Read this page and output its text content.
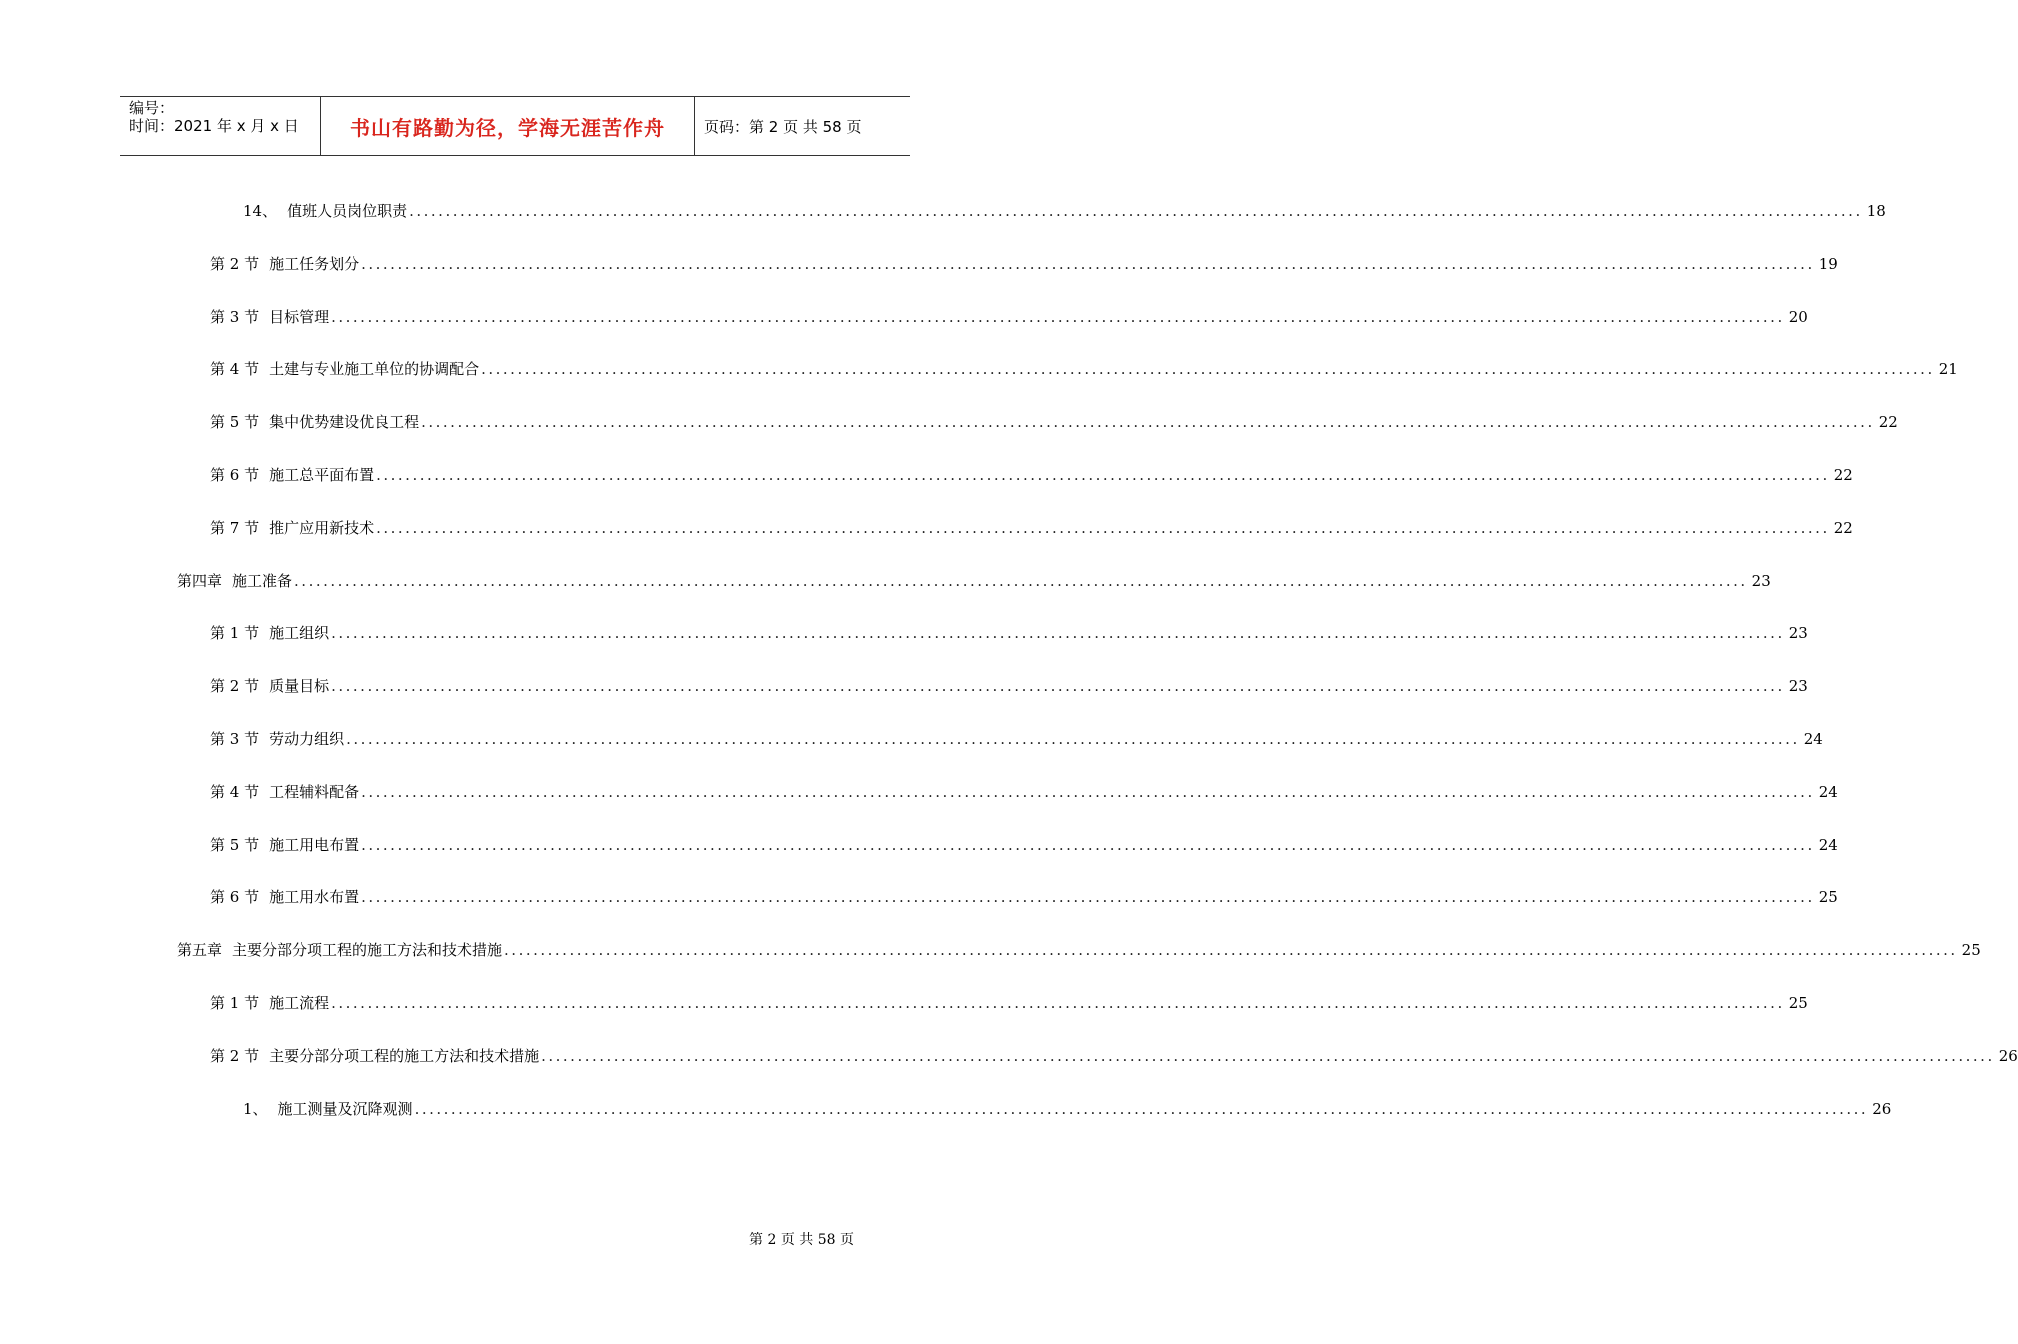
编号：
时间：2021 年 x 月 x 日	书山有路勤为径，学海无涯苦作舟	页码：第 2 页 共 58 页
14、 值班人员岗位职责 ........................................................................................................................................................................................................ 18
第 2 节 施工任务划分 ........................................................................................................................................................................................................ 19
第 3 节 目标管理 ........................................................................................................................................................................................................ 20
第 4 节 土建与专业施工单位的协调配合 ........................................................................................................................................................................................................ 21
第 5 节 集中优势建设优良工程 ........................................................................................................................................................................................................ 22
第 6 节 施工总平面布置 ........................................................................................................................................................................................................ 22
第 7 节 推广应用新技术 ........................................................................................................................................................................................................ 22
第四章 施工准备 ........................................................................................................................................................................................................ 23
第 1 节 施工组织 ........................................................................................................................................................................................................ 23
第 2 节 质量目标 ........................................................................................................................................................................................................ 23
第 3 节 劳动力组织 ........................................................................................................................................................................................................ 24
第 4 节 工程辅料配备 ........................................................................................................................................................................................................ 24
第 5 节 施工用电布置 ........................................................................................................................................................................................................ 24
第 6 节 施工用水布置 ........................................................................................................................................................................................................ 25
第五章 主要分部分项工程的施工方法和技术措施 ........................................................................................................................................................................................................ 25
第 1 节 施工流程 ........................................................................................................................................................................................................ 25
第 2 节 主要分部分项工程的施工方法和技术措施 ........................................................................................................................................................................................................ 26
1、 施工测量及沉降观测 ........................................................................................................................................................................................................ 26
第 2 页 共 58 页
